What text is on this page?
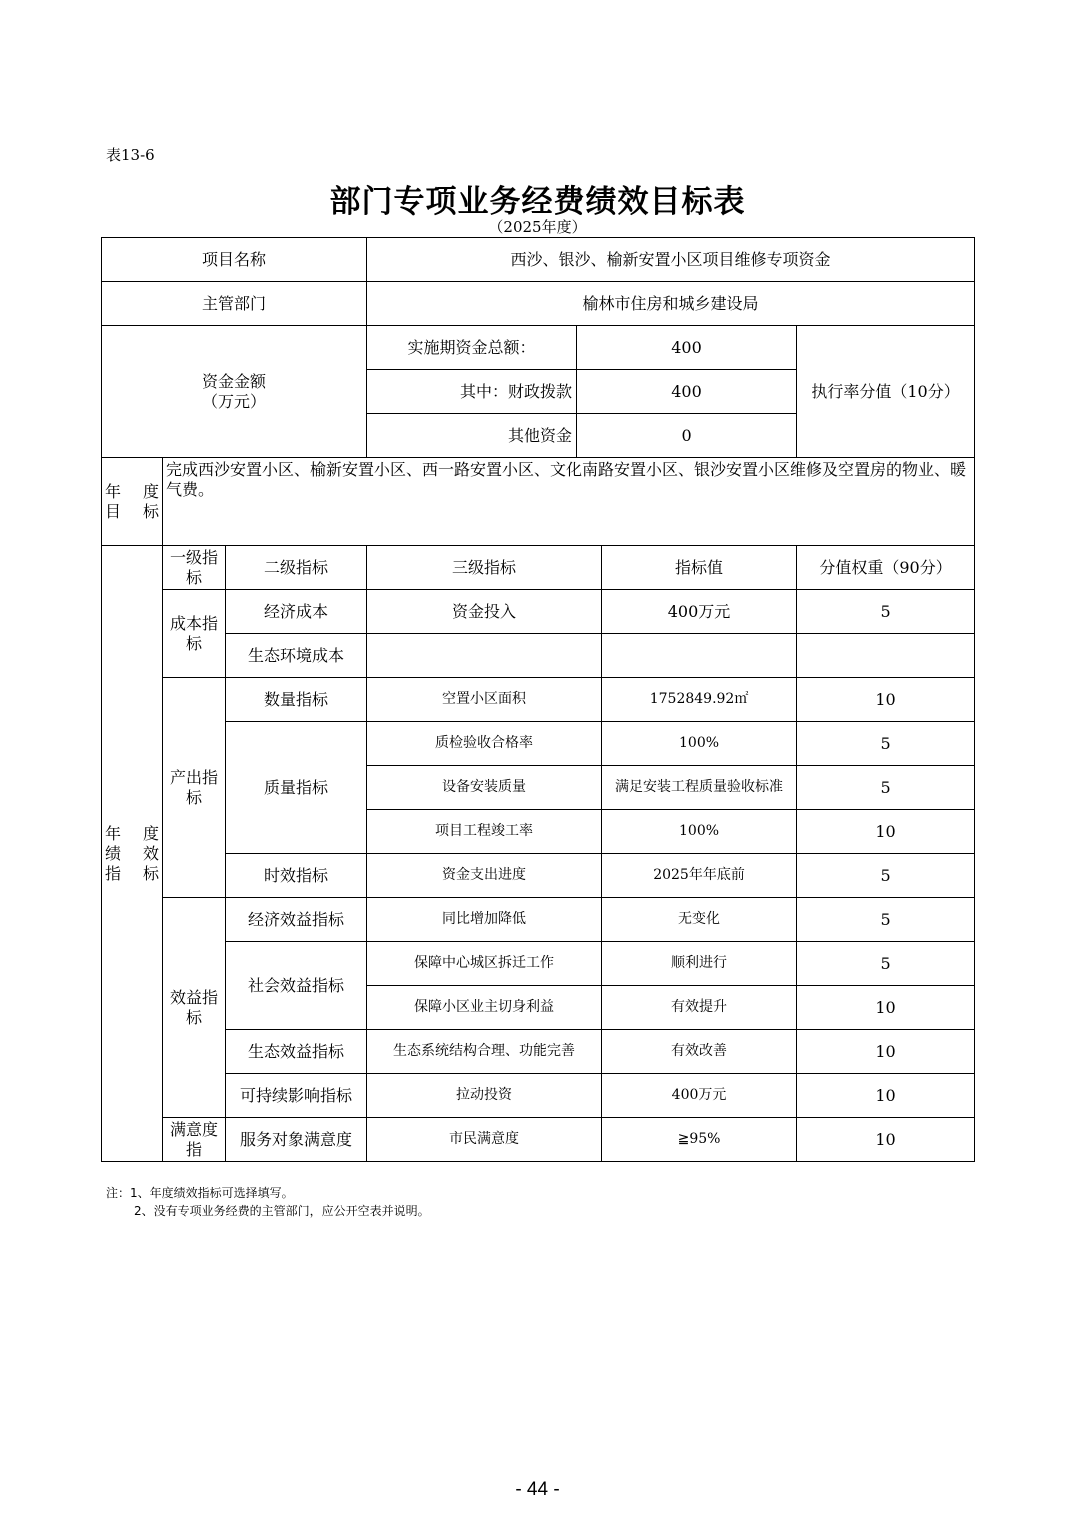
表13-6
部门专项业务经费绩效目标表
（2025年度）
项目名称			西沙、银沙、榆新安置小区项目维修专项资金			
主管部门			榆林市住房和城乡建设局			

资金金额
（万元）			实施期资金总额：	400		执行率分值（10分）
			其中：财政拨款	400		
			其他资金	0		

年　度
目　标	完成西沙安置小区、榆新安置小区、西一路安置小区、文化南路安置小区、银沙安置小区维修及空置房的物业、暖气费。					

年　度
绩　效
指　标	一级指标	二级指标	三级指标		指标值	分值权重（90分）
	成本指标	经济成本	资金投入		400万元	5
		生态环境成本				
	产出指标	数量指标	空置小区面积		1752849.92㎡	10
		质量指标	质检验收合格率		100%	5
			设备安装质量		满足安装工程质量验收标准	5
			项目工程竣工率		100%	10
		时效指标	资金支出进度		2025年年底前	5
	效益指标	经济效益指标	同比增加降低		无变化	5
		社会效益指标	保障中心城区拆迁工作		顺利进行	5
			保障小区业主切身利益		有效提升	10
		生态效益指标	生态系统结构合理、功能完善		有效改善	10
		可持续影响指标	拉动投资		400万元	10
	满意度指	服务对象满意度	市民满意度		≧95%	10
注：1、年度绩效指标可选择填写。
2、没有专项业务经费的主管部门，应公开空表并说明。
- 44 -
